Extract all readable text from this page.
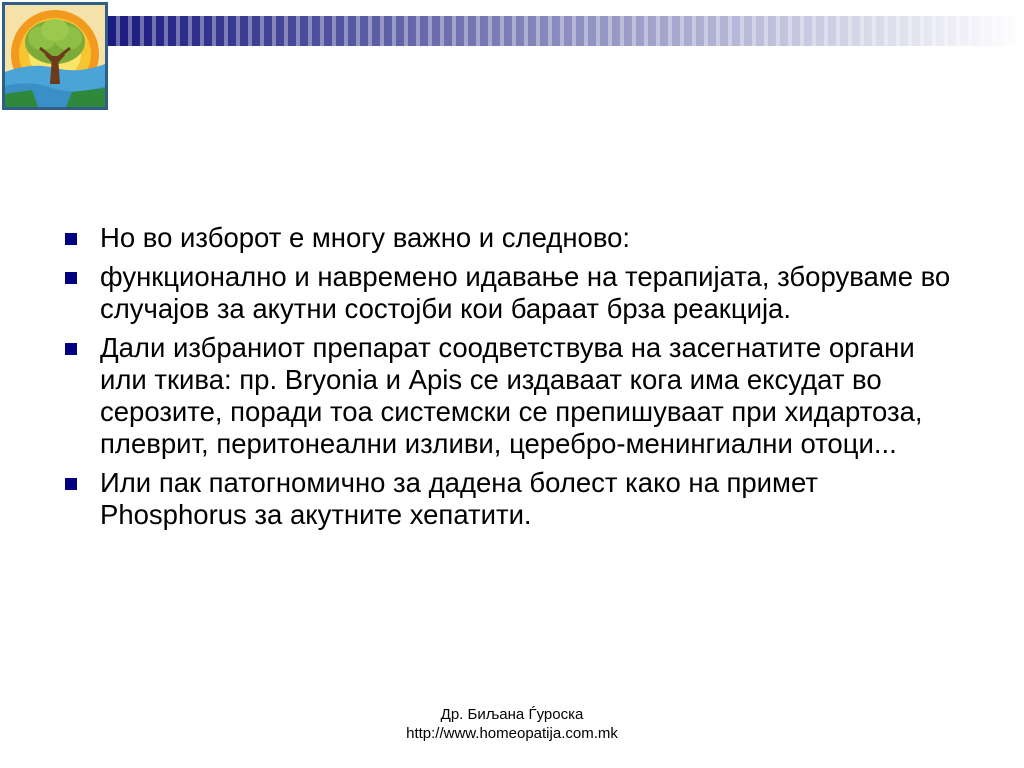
Но во изборот е многу важно и следново:
функционално и навремено идавање на терапијата, зборуваме во случајов за акутни состојби кои бараат брза реакција.
Дали избраниот препарат соодветствува на засегнатите органи или ткива: пр. Bryonia и Apis се издаваат кога има ексудат во серозите, поради тоа системски се препишуваат при хидартоза, плеврит, перитонеални изливи, церебро-менингиални отоци...
Или пак патогномично за дадена болест како на примет Phosphorus за акутните хепатити.
Др. Биљана Ѓуроска
http://www.homeopatija.com.mk
